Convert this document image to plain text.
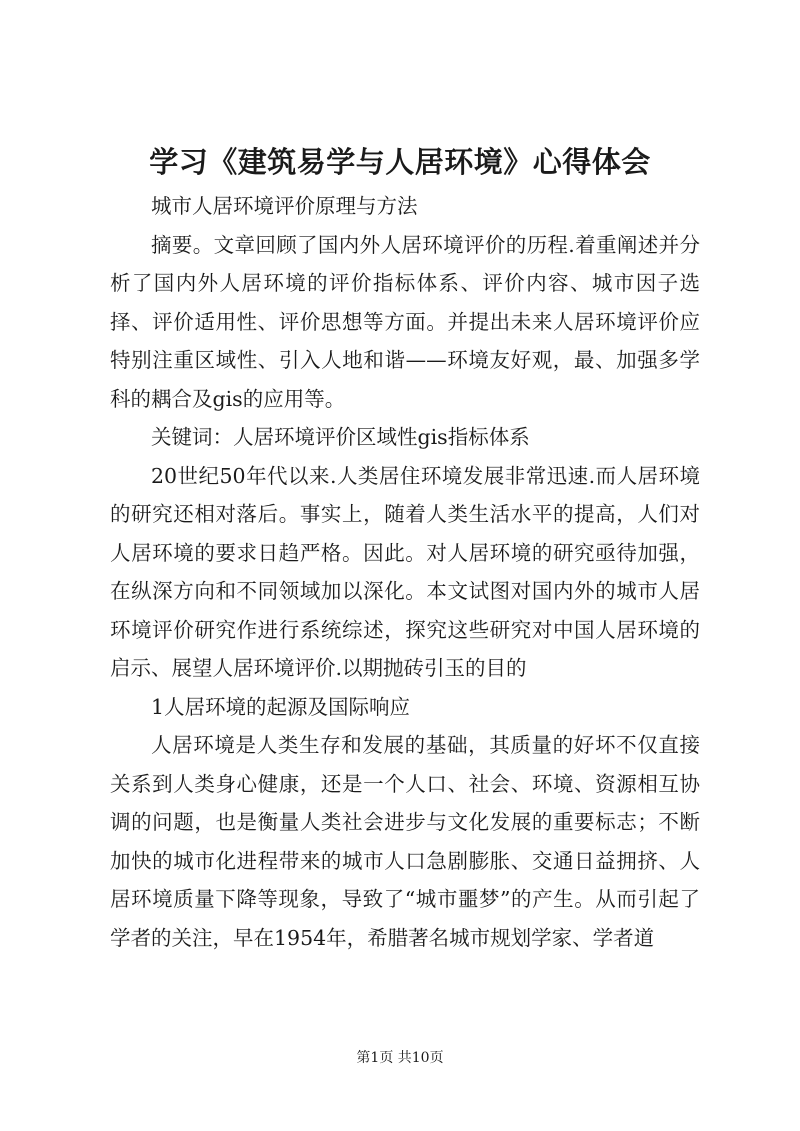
学习《建筑易学与人居环境》心得体会

城市人居环境评价原理与方法

摘要。文章回顾了国内外人居环境评价的历程.着重阐述并分析了国内外人居环境的评价指标体系、评价内容、城市因子选择、评价适用性、评价思想等方面。并提出未来人居环境评价应特别注重区域性、引入人地和谐——环境友好观，最、加强多学科的耦合及gis的应用等。

关键词：人居环境评价区域性gis指标体系

20世纪50年代以来.人类居住环境发展非常迅速.而人居环境的研究还相对落后。事实上，随着人类生活水平的提高，人们对人居环境的要求日趋严格。因此。对人居环境的研究亟待加强，在纵深方向和不同领域加以深化。本文试图对国内外的城市人居环境评价研究作进行系统综述，探究这些研究对中国人居环境的启示、展望人居环境评价.以期抛砖引玉的目的

1人居环境的起源及国际响应

人居环境是人类生存和发展的基础，其质量的好坏不仅直接关系到人类身心健康，还是一个人口、社会、环境、资源相互协调的问题，也是衡量人类社会进步与文化发展的重要标志；不断加快的城市化进程带来的城市人口急剧膨胀、交通日益拥挤、人居环境质量下降等现象，导致了“城市噩梦”的产生。从而引起了学者的关注，早在1954年，希腊著名城市规划学家、学者道

第1页 共10页
